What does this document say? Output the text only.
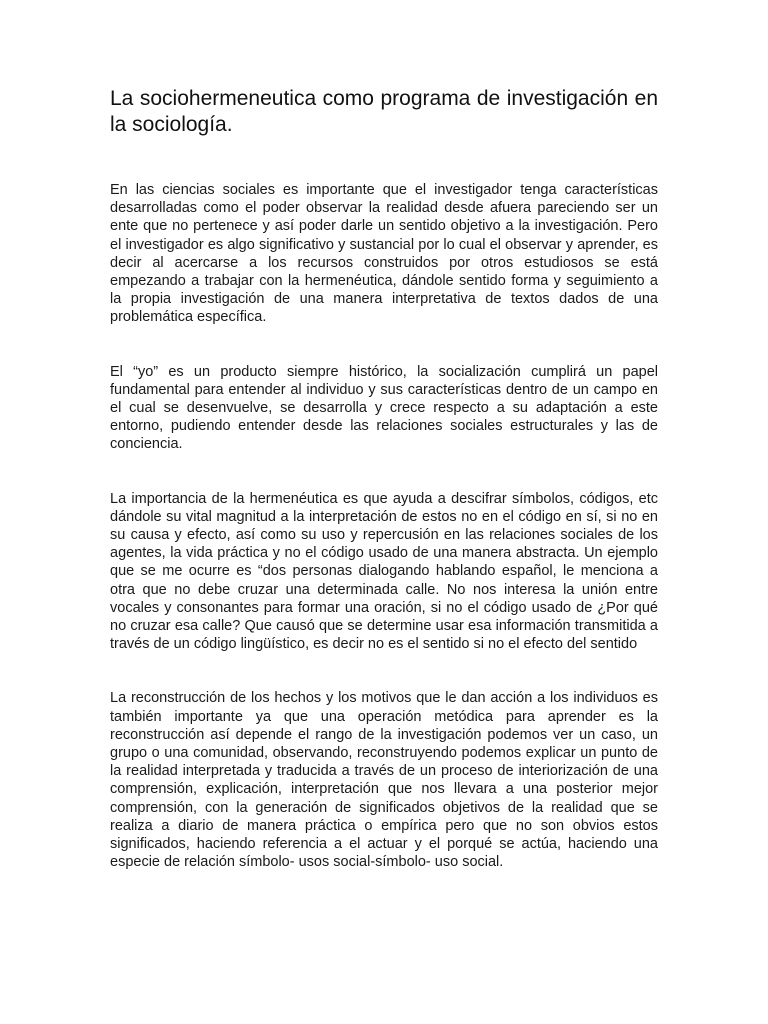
La sociohermeneutica como programa de investigación en la sociología.

En las ciencias sociales es importante que el investigador tenga características desarrolladas como el poder observar la realidad desde afuera pareciendo ser un ente que no pertenece y así poder darle un sentido objetivo a la investigación. Pero el investigador es algo significativo y sustancial por lo cual el observar y aprender, es decir al acercarse a los recursos construidos por otros estudiosos se está empezando a trabajar con la hermenéutica, dándole sentido forma y seguimiento a la propia investigación de una manera interpretativa de textos dados de una problemática específica.

El “yo” es un producto siempre histórico, la socialización cumplirá un papel fundamental para entender al individuo y sus características dentro de un campo en el cual se desenvuelve, se desarrolla y crece respecto a su adaptación a este entorno, pudiendo entender desde las relaciones sociales estructurales y las de conciencia.

La importancia de la hermenéutica es que ayuda a descifrar símbolos, códigos, etc dándole su vital magnitud a la interpretación de estos no en el código en sí, si no en su causa y efecto, así como su uso y repercusión en las relaciones sociales de los agentes, la vida práctica y no el código usado de una manera abstracta. Un ejemplo que se me ocurre es “dos personas dialogando hablando español, le menciona a otra que no debe cruzar una determinada calle. No nos interesa la unión entre vocales y consonantes para formar una oración, si no el código usado de ¿Por qué no cruzar esa calle? Que causó que se determine usar esa información transmitida a través de un código lingüístico, es decir no es el sentido si no el efecto del sentido

La reconstrucción de los hechos y los motivos que le dan acción a los individuos es también importante ya que una operación metódica para aprender es la reconstrucción así depende el rango de la investigación podemos ver un caso, un grupo o una comunidad, observando, reconstruyendo podemos explicar un punto de la realidad interpretada y traducida a través de un proceso de interiorización de una comprensión, explicación, interpretación que nos llevara a una posterior mejor comprensión, con la generación de significados objetivos de la realidad que se realiza a diario de manera práctica o empírica pero que no son obvios estos significados, haciendo referencia a el actuar y el porqué se actúa, haciendo una especie de relación símbolo- usos social-símbolo- uso social.
